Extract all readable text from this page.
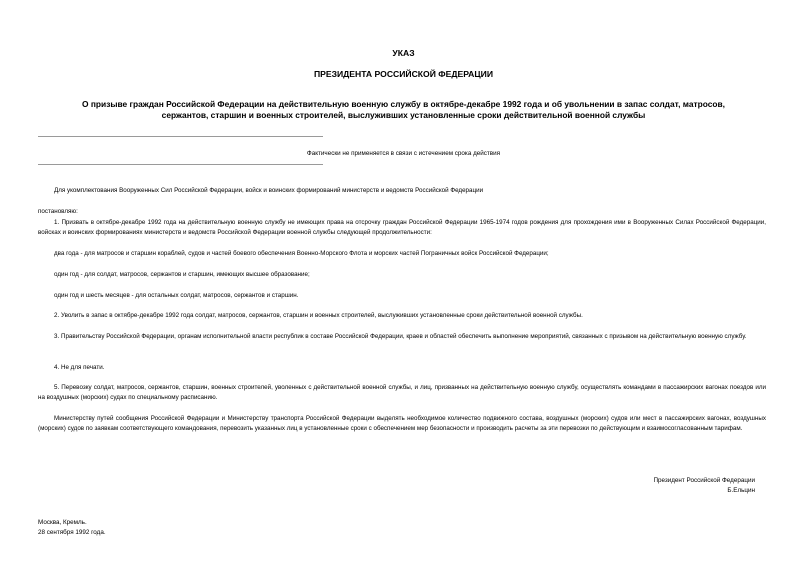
УКАЗ
ПРЕЗИДЕНТА РОССИЙСКОЙ ФЕДЕРАЦИИ
О призыве граждан Российской Федерации на действительную военную службу в октябре-декабре 1992 года и об увольнении в запас солдат, матросов,
сержантов, старшин и военных строителей, выслуживших установленные сроки действительной военной службы
Фактически не применяется в связи с истечением срока действия

Для укомплектования Вооруженных Сил Российской Федерации, войск и воинских формирований министерств и ведомств Российской Федерации

постановляю:

1. Призвать в октябре-декабре 1992 года на действительную военную службу не имеющих права на отсрочку граждан Российской Федерации 1965-1974 годов рождения для прохождения ими в Вооруженных Силах Российской Федерации, войсках и воинских формированиях министерств и ведомств Российской Федерации военной службы следующей продолжительности:

два года - для матросов и старшин кораблей, судов и частей боевого обеспечения Военно-Морского Флота и морских частей Пограничных войск Российской Федерации;

один год - для солдат, матросов, сержантов и старшин, имеющих высшее образование;

один год и шесть месяцев - для остальных солдат, матросов, сержантов и старшин.

2. Уволить в запас в октябре-декабре 1992 года солдат, матросов, сержантов, старшин и военных строителей, выслуживших установленные сроки действительной военной службы.

3. Правительству Российской Федерации, органам исполнительной власти республик в составе Российской Федерации, краев и областей обеспечить выполнение мероприятий, связанных с призывом на действительную военную службу.

4. Не для печати.

5. Перевозку солдат, матросов, сержантов, старшин, военных строителей, уволенных с действительной военной службы, и лиц, призванных на действительную военную службу, осуществлять командами в пассажирских вагонах поездов или на воздушных (морских) судах по специальному расписанию.

Министерству путей сообщения Российской Федерации и Министерству транспорта Российской Федерации выделять необходимое количество подвижного состава, воздушных (морских) судов или мест в пассажирских вагонах, воздушных (морских) судов по заявкам соответствующего командования, перевозить указанных лиц в установленные сроки с обеспечением мер безопасности и производить расчеты за эти перевозки по действующим и взаимосогласованным тарифам.

Президент Российской Федерации
Б.Ельцин
Москва, Кремль.
28 сентября 1992 года.
